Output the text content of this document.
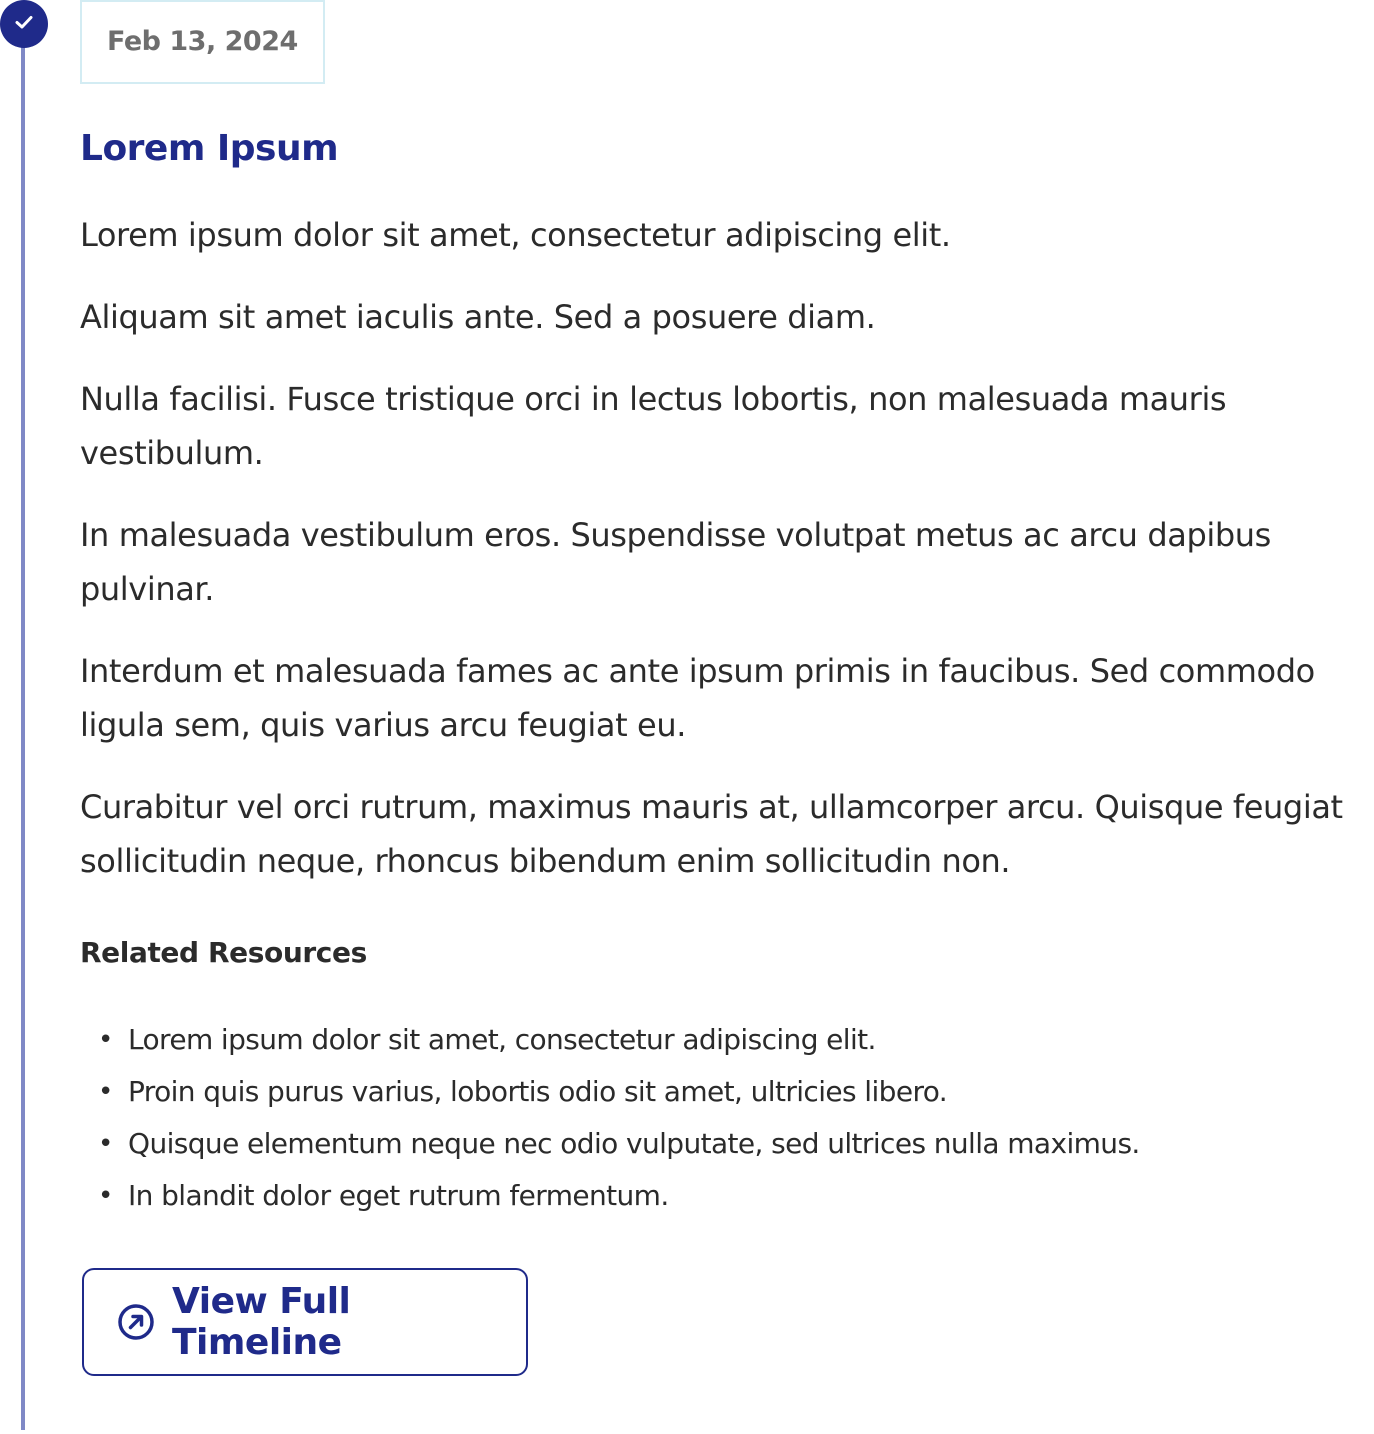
Feb 13, 2024
Lorem Ipsum

Lorem ipsum dolor sit amet, consectetur adipiscing elit.

Aliquam sit amet iaculis ante. Sed a posuere diam.

Nulla facilisi. Fusce tristique orci in lectus lobortis, non malesuada mauris vestibulum.

In malesuada vestibulum eros. Suspendisse volutpat metus ac arcu dapibus pulvinar.

Interdum et malesuada fames ac ante ipsum primis in faucibus. Sed commodo ligula sem, quis varius arcu feugiat eu.

Curabitur vel orci rutrum, maximus mauris at, ullamcorper arcu. Quisque feugiat sollicitudin neque, rhoncus bibendum enim sollicitudin non.

Related Resources
• Lorem ipsum dolor sit amet, consectetur adipiscing elit.
• Proin quis purus varius, lobortis odio sit amet, ultricies libero.
• Quisque elementum neque nec odio vulputate, sed ultrices nulla maximus.
• In blandit dolor eget rutrum fermentum.
View Full Timeline
